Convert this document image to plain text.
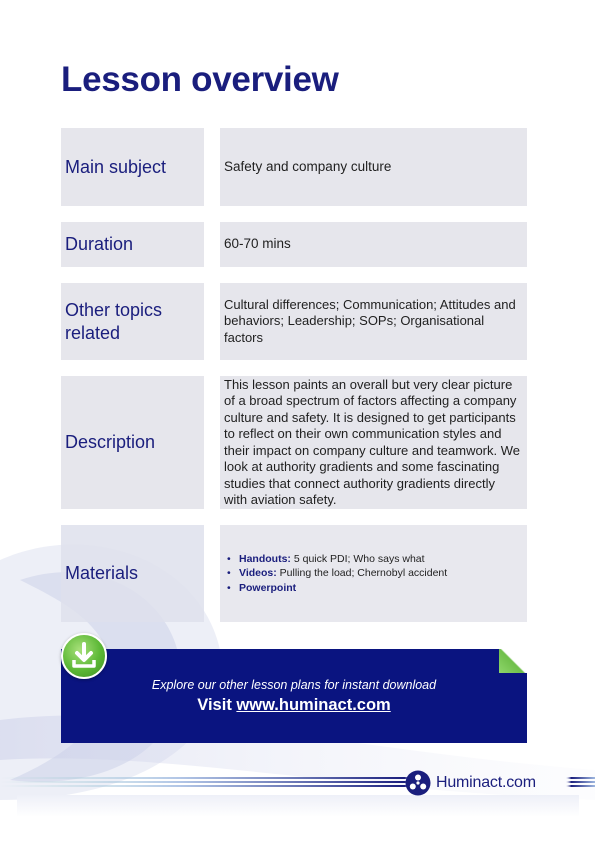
Lesson overview
Main subject	Safety and company culture
Duration	60-70 mins
Other topics related
Cultural differences; Communication; Attitudes and behaviors; Leadership; SOPs; Organisational factors
Description
This lesson paints an overall but very clear picture of a broad spectrum of factors affecting a company culture and safety. It is designed to get participants to reflect on their own communication styles and their impact on company culture and teamwork. We look at authority gradients and some fascinating studies that connect authority gradients directly with aviation safety.
Materials
• Handouts: 5 quick PDI; Who says what
• Videos: Pulling the load; Chernobyl accident
• Powerpoint
Explore our other lesson plans for instant download
Visit www.huminact.com
Huminact.com
